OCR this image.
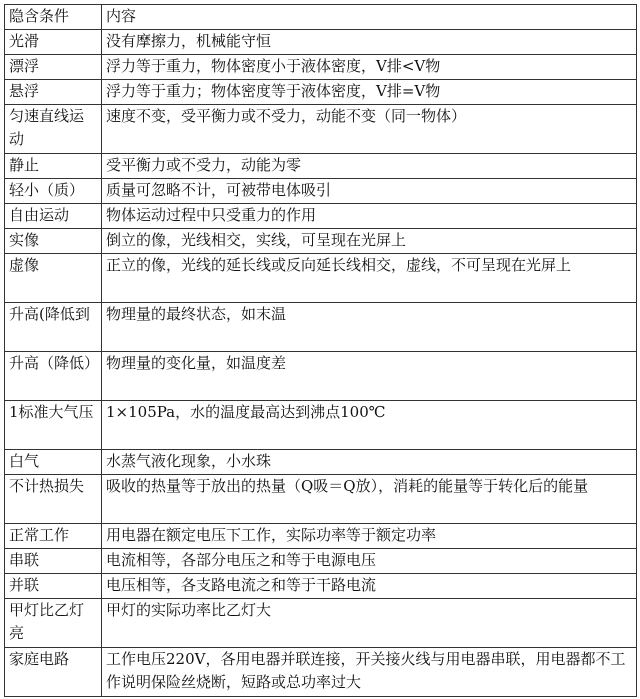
隐含条件	内容
光滑	没有摩擦力，机械能守恒
漂浮	浮力等于重力，物体密度小于液体密度，V排<V物
悬浮	浮力等于重力；物体密度等于液体密度，V排=V物
匀速直线运动	速度不变，受平衡力或不受力，动能不变（同一物体）
静止	受平衡力或不受力，动能为零
轻小（质）	质量可忽略不计，可被带电体吸引
自由运动	物体运动过程中只受重力的作用
实像	倒立的像，光线相交，实线，可呈现在光屏上
虚像	正立的像，光线的延长线或反向延长线相交，虚线，不可呈现在光屏上
升高(降低到	物理量的最终状态，如末温
升高（降低）	物理量的变化量，如温度差
1标准大气压	1×105Pa，水的温度最高达到沸点100℃
白气	水蒸气液化现象，小水珠
不计热损失	吸收的热量等于放出的热量（Q吸＝Q放），消耗的能量等于转化后的能量
正常工作	用电器在额定电压下工作，实际功率等于额定功率
串联	电流相等，各部分电压之和等于电源电压
并联	电压相等，各支路电流之和等于干路电流
甲灯比乙灯亮	甲灯的实际功率比乙灯大
家庭电路	工作电压220V，各用电器并联连接，开关接火线与用电器串联，用电器都不工作说明保险丝烧断，短路或总功率过大
